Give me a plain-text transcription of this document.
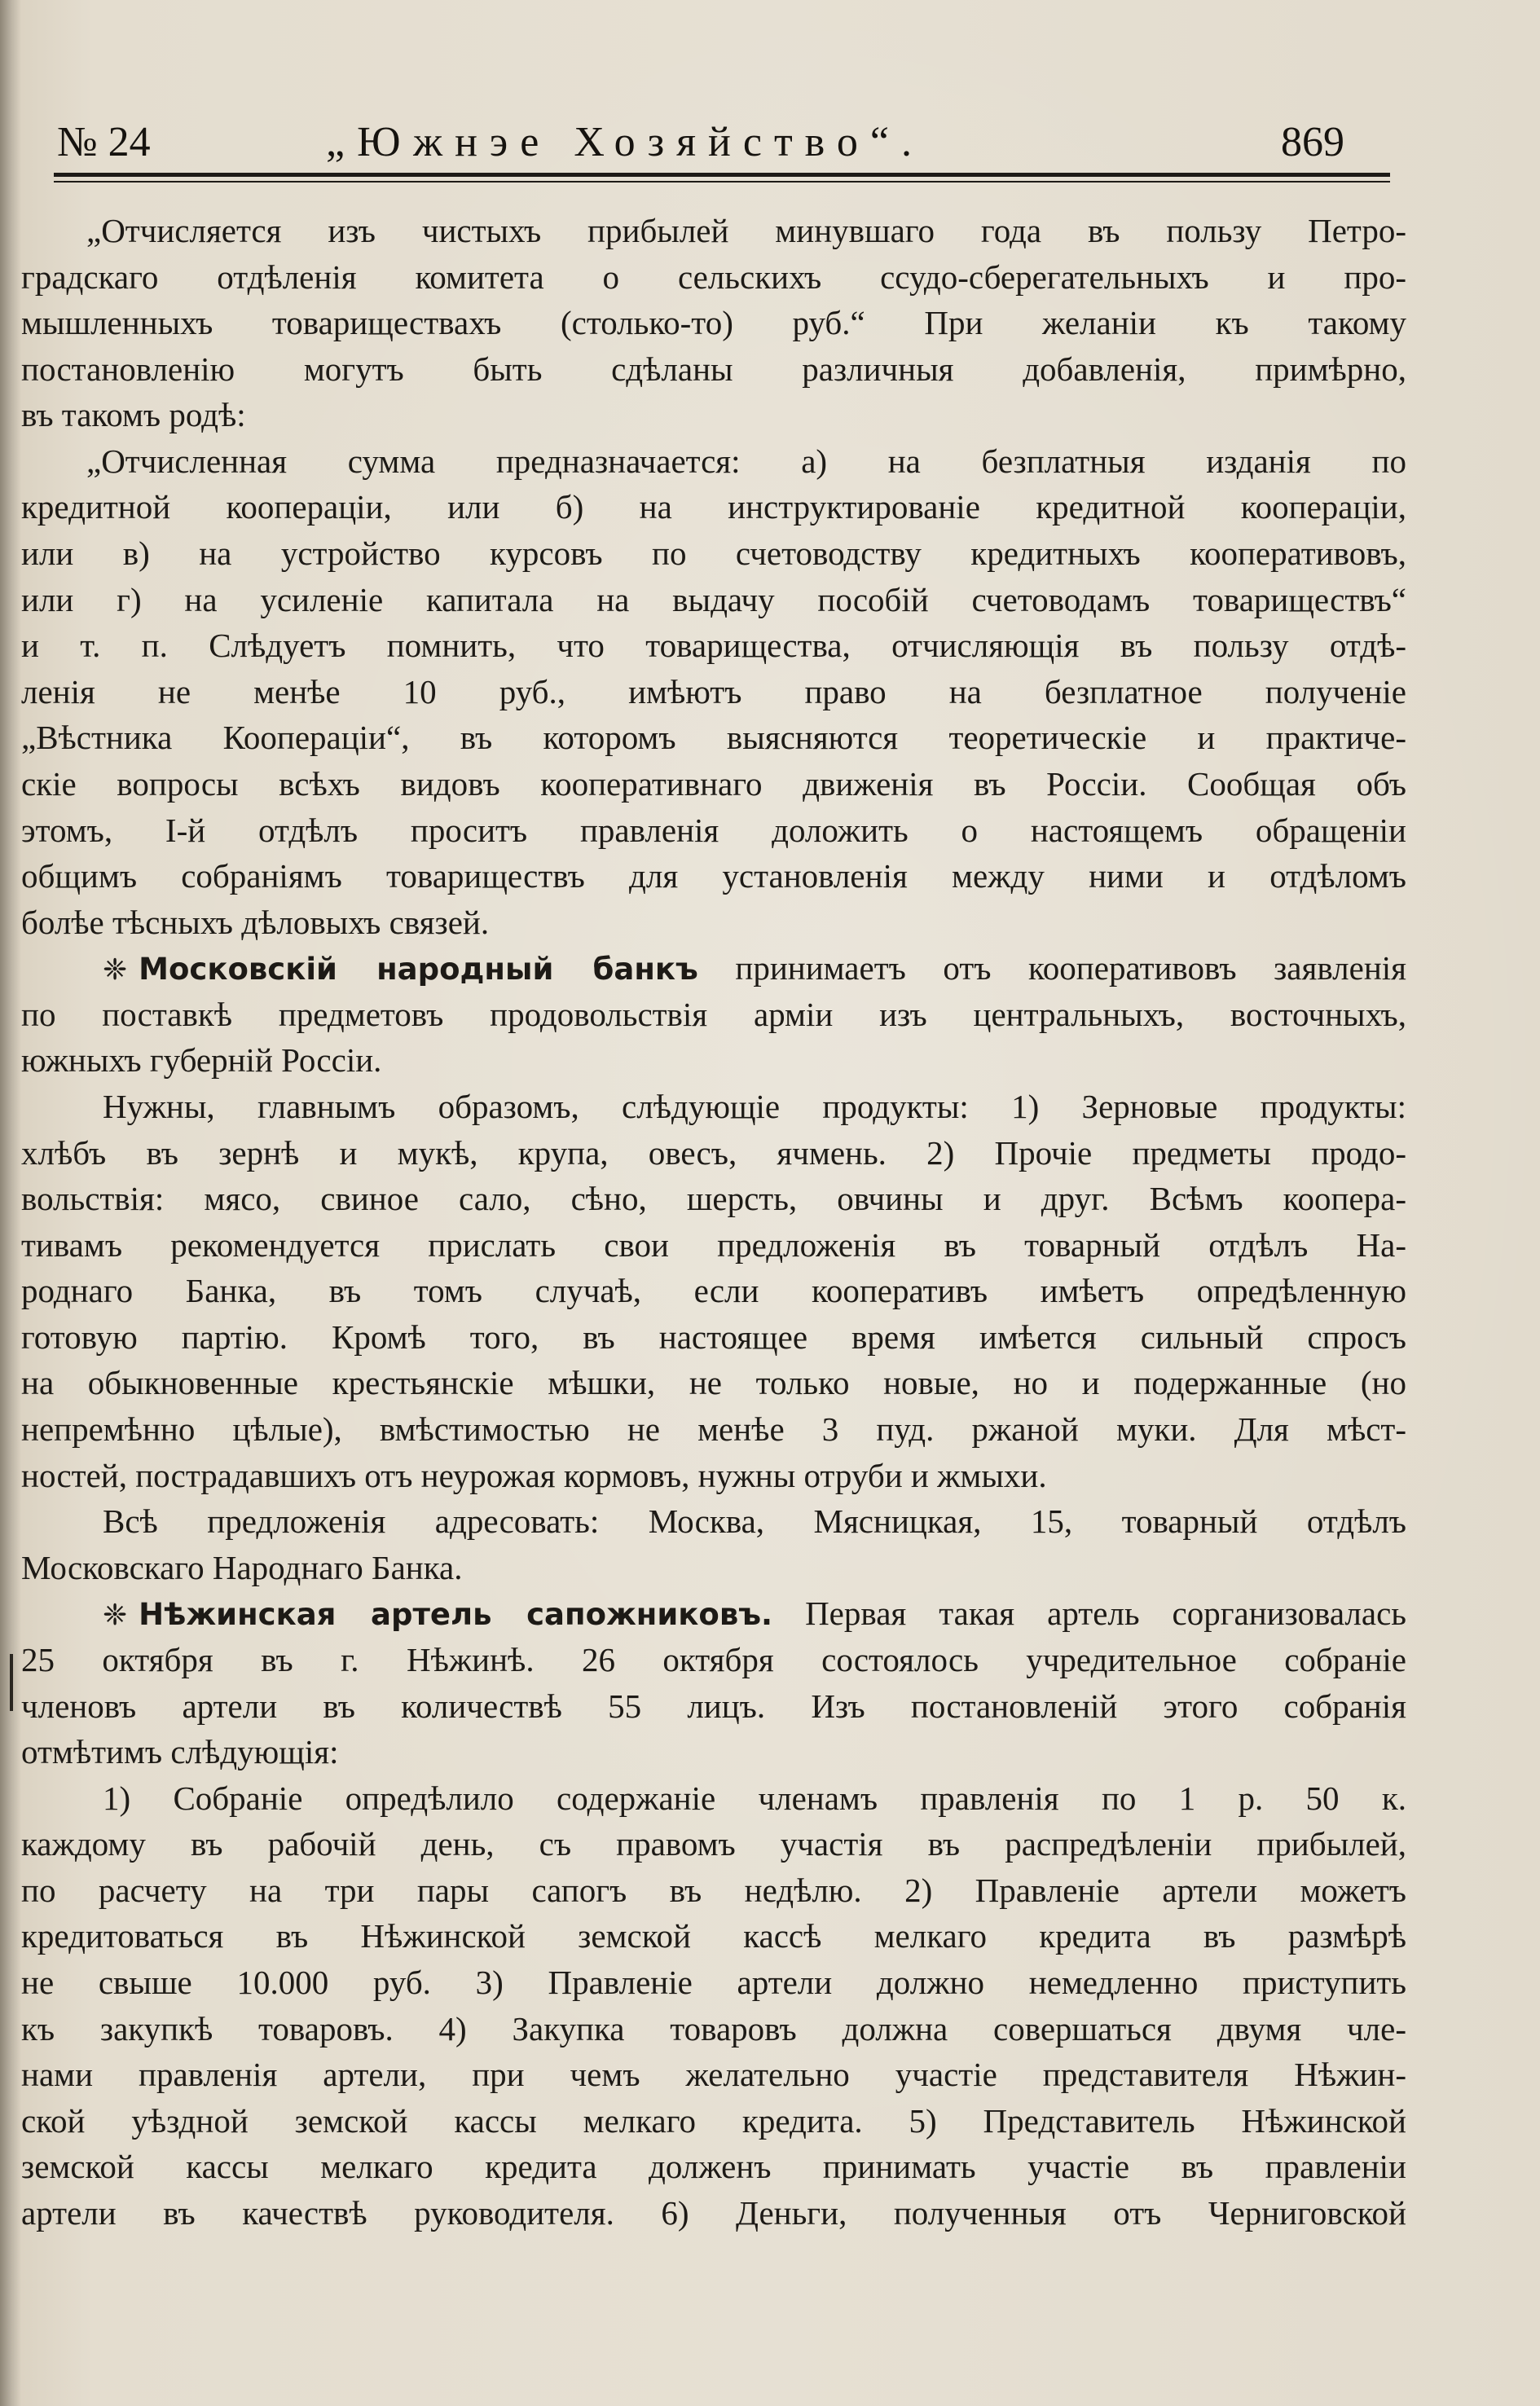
№ 24	„Южнэе Хозяйство“.	869
„Отчисляется изъ чистыхъ прибылей минувшаго года въ пользу Петро-
градскаго отдѣленія комитета о сельскихъ ссудо-сберегательныхъ и про-
мышленныхъ товариществахъ (столько-то) руб.“ При желаніи къ такому
постановленію могутъ быть сдѣланы различныя добавленія, примѣрно,
въ такомъ родѣ:
„Отчисленная сумма предназначается: а) на безплатныя изданія по
кредитной коопераціи, или б) на инструктированіе кредитной коопераціи,
или в) на устройство курсовъ по счетоводству кредитныхъ кооперативовъ,
или г) на усиленіе капитала на выдачу пособій счетоводамъ товариществъ“
и т. п. Слѣдуетъ помнить, что товарищества, отчисляющія въ пользу отдѣ-
ленія не менѣе 10 руб., имѣютъ право на безплатное полученіе
„Вѣстника Коопераціи“, въ которомъ выясняются теоретическіе и практиче-
скіе вопросы всѣхъ видовъ кооперативнаго движенія въ Россіи. Сообщая объ
этомъ, І-й отдѣлъ проситъ правленія доложить о настоящемъ обращеніи
общимъ собраніямъ товариществъ для установленія между ними и отдѣломъ
болѣе тѣсныхъ дѣловыхъ связей.
❈ Московскій народный банкъ принимаетъ отъ кооперативовъ заявленія
по поставкѣ предметовъ продовольствія арміи изъ центральныхъ, восточныхъ,
южныхъ губерній Россіи.
Нужны, главнымъ образомъ, слѣдующіе продукты: 1) Зерновые продукты:
хлѣбъ въ зернѣ и мукѣ, крупа, овесъ, ячмень. 2) Прочіе предметы продо-
вольствія: мясо, свиное сало, сѣно, шерсть, овчины и друг. Всѣмъ коопера-
тивамъ рекомендуется прислать свои предложенія въ товарный отдѣлъ На-
роднаго Банка, въ томъ случаѣ, если кооперативъ имѣетъ опредѣленную
готовую партію. Кромѣ того, въ настоящее время имѣется сильный спросъ
на обыкновенные крестьянскіе мѣшки, не только новые, но и подержанные (но
непремѣнно цѣлые), вмѣстимостью не менѣе 3 пуд. ржаной муки. Для мѣст-
ностей, пострадавшихъ отъ неурожая кормовъ, нужны отруби и жмыхи.
Всѣ предложенія адресовать: Москва, Мясницкая, 15, товарный отдѣлъ
Московскаго Народнаго Банка.
❈ Нѣжинская артель сапожниковъ. Первая такая артель сорганизовалась
25 октября въ г. Нѣжинѣ. 26 октября состоялось учредительное собраніе
членовъ артели въ количествѣ 55 лицъ. Изъ постановленій этого собранія
отмѣтимъ слѣдующія:
1) Собраніе опредѣлило содержаніе членамъ правленія по 1 р. 50 к.
каждому въ рабочій день, съ правомъ участія въ распредѣленіи прибылей,
по расчету на три пары сапогъ въ недѣлю. 2) Правленіе артели можетъ
кредитоваться въ Нѣжинской земской кассѣ мелкаго кредита въ размѣрѣ
не свыше 10.000 руб. 3) Правленіе артели должно немедленно приступить
къ закупкѣ товаровъ. 4) Закупка товаровъ должна совершаться двумя чле-
нами правленія артели, при чемъ желательно участіе представителя Нѣжин-
ской уѣздной земской кассы мелкаго кредита. 5) Представитель Нѣжинской
земской кассы мелкаго кредита долженъ принимать участіе въ правленіи
артели въ качествѣ руководителя. 6) Деньги, полученныя отъ Черниговской
